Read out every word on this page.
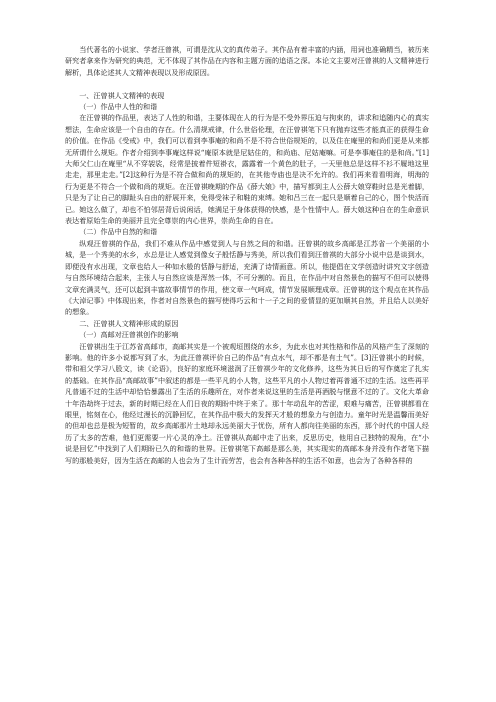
当代著名的小说家、学者汪曾祺，可谓是沈从文的真传弟子。其作品有着丰富的内涵，用词也准确精当，被历来研究者拿来作为研究的典范，无不体现了其作品在内容和主题方面的追语之深。本论文主要对汪曾祺的人文精神进行解析，具体论述其人文精神表现以及形成原因。

一、汪曾祺人文精神的表现

（一）作品中人性的和谐

在汪曾祺的作品里，表达了人性的和谐，主要体现在人的行为是不受外界压迫与拘束的，讲求和追随内心的真实想法，生命应该是一个自由的存在。什么清规戒律，什么世俗伦理，在汪曾祺笔下只有抛弃这些才能真正的获得生命的价值。在作品《受戒》中，我们可以看到李事庵的和尚不是不符合世俗规矩的，以及住在庵里的和尚们更是从来都无所谓什么规矩。作者介绍到李事庵这样说“庵原本就是尼姑住的，和尚庙、尼姑庵嘛。可是李事庵住的是和尚。”[1]大师父仁山在庵里“从不穿袈裟，经常是披着件短褂衣，露露着一个黄色的肚子，一天里他总是这样不衫不履地这里走走，那里走走。”[2]这种行为是不符合做和尚的规矩的，在其他寺庙也是决不允许的。我们再来看看明海，明海的行为更是不符合一个做和尚的规矩。在汪曾祺晚期的作品《薛大娘》中，描写都到主人公薛大娘穿鞋时总是光着脚，只是为了让自己的脚趾头自由的舒展开来，免得受袜子和鞋的束缚。她和吕三在一起只是顺着自己的心，图个快活而已。她这么做了，却也不怕邻居背后说闲话，她满足于身体获得的快感，是个性情中人。薛大娘这种自在的生命意识表达着原始生命的美丽并且完全尊崇的内心世界，崇尚生命的自在。

（二）作品中自然的和谐

纵观汪曾祺的作品，我们不难从作品中感觉到人与自然之间的和谐。汪曾祺的故乡高邮是江苏省一个美丽的小城，是一个秀美的水乡，水总是让人感觉到像女子般恬静与秀美，所以我们看到汪曾祺的大部分小说中总是谈到水，即便没有水出现，文章也给人一种如水般的恬静与舒适，充满了诗情画意。所以，他提倡在文学创造时讲究文字创造与自然环境结合起来，主张人与自然应该是浑然一体，不可分割的。而且，在作品中对自然景色的描写不但可以使得文章充满灵气，还可以起到丰富故事情节的作用，使文章一气呵成，情节发展顺理成章。汪曾祺的这个观点在其作品《大淖记事》中体现出来，作者对自然景色的描写使得巧云和十一子之间的爱情显的更加顺其自然，并且给人以美好的想象。

二、汪曾祺人文精神形成的原因

（一）高邮对汪曾祺创作的影响

汪曾祺出生于江苏省高邮市，高邮其实是一个被观垣围绕的水乡，为此水也对其性格和作品的风格产生了深刻的影响。他的许多小说都写到了水，为此汪曾祺评价自己的作品“有点水气，却不都是有土气”。[3]汪曾祺小的时候，带和祖父学习八股文，读《论语》，良好的家庭环境滋润了汪曾祺少年的文化修养，这些为其日后的写作奠定了扎实的基础。在其作品“高邮故事”中叙述的都是一些平凡的小人物，这些平凡的小人物过着再普通不过的生活。这些再平凡普通不过的生活中却恰恰暴露出了生活的乐趣所在，对作者来说这里的生活是再酒脱与惬意不过的了。文化大革命十年浩劫终于过去，新的时期已经在人们日夜的期盼中终于来了。那十年动乱年的苦涩，艰难与痛苦，汪曾祺都看在眼里，铭刻在心，他经过漫长的沉静回忆，在其作品中极大的发挥天才般的想象力与创造力。童年时光是温馨而美好的但却也总是极为短暂的，故乡高邮那片土地却永远美丽大于忧伤，所有人都向往美丽的东西，那个时代的中国人经历了太多的苦难，他们更需要一片心灵的净土。汪曾祺从高邮中走了出来，反思历史，他用自己独特的视角，在“小说是回忆”中找到了人们期盼已久的和谐的世界。汪曾祺笔下高邮是那么美，其实现实的高邮本身并没有作者笔下描写的那般美好，因为生活在高邮的人也会为了生计而劳苦，也会有各种各样的生活不如意，也会为了各种各样的
